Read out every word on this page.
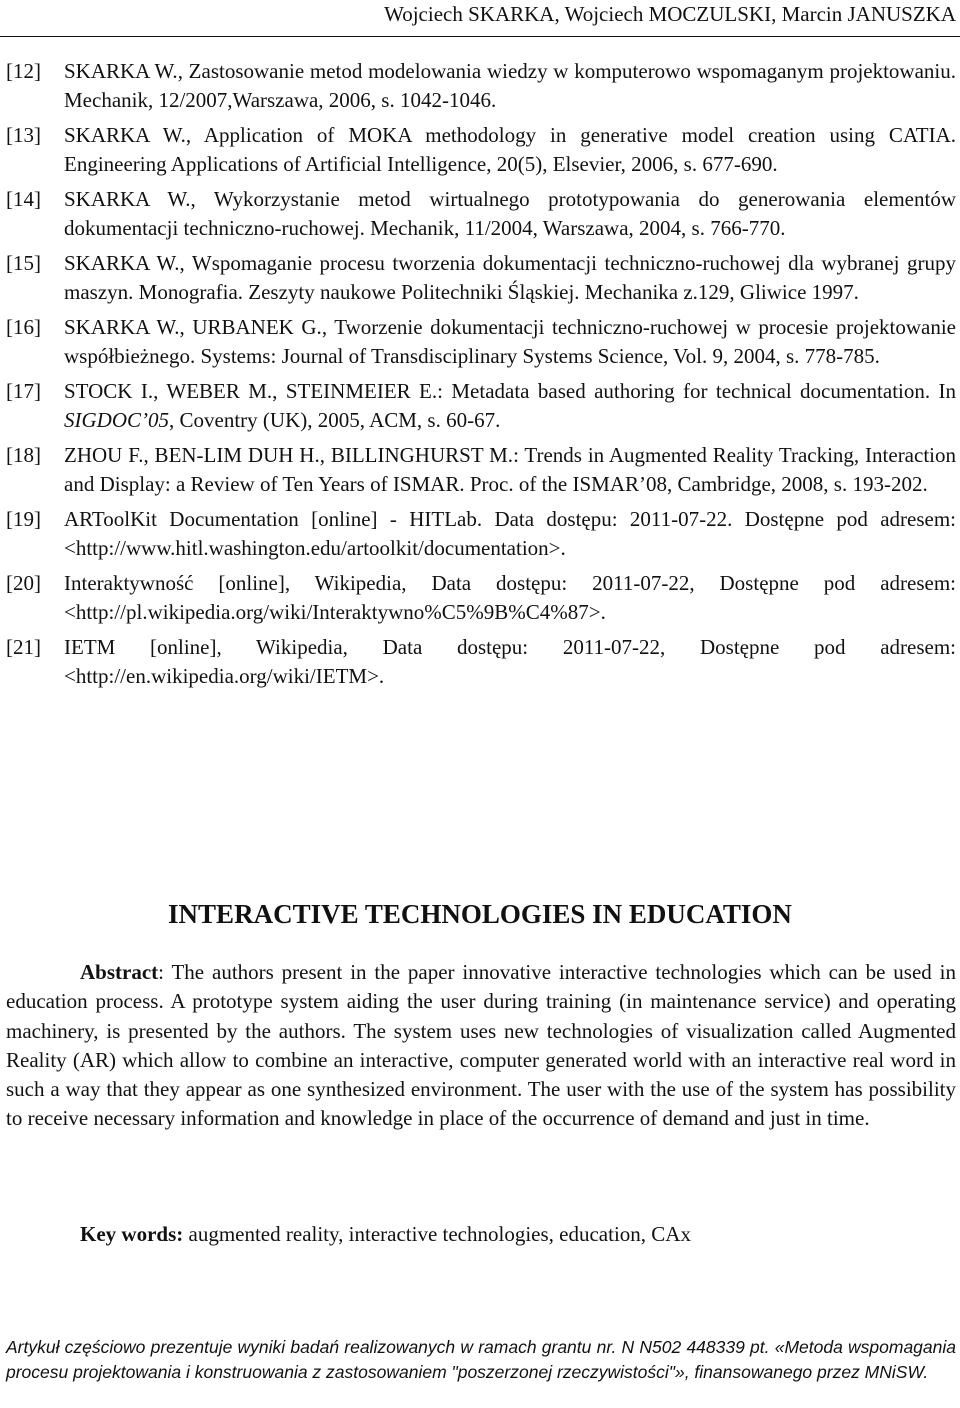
Wojciech SKARKA, Wojciech MOCZULSKI, Marcin JANUSZKA
[12] SKARKA W., Zastosowanie metod modelowania wiedzy w komputerowo wspomaganym projektowaniu. Mechanik, 12/2007,Warszawa, 2006, s. 1042-1046.
[13] SKARKA W., Application of MOKA methodology in generative model creation using CATIA. Engineering Applications of Artificial Intelligence, 20(5), Elsevier, 2006, s. 677-690.
[14] SKARKA W., Wykorzystanie metod wirtualnego prototypowania do generowania elementów dokumentacji techniczno-ruchowej. Mechanik, 11/2004, Warszawa, 2004, s. 766-770.
[15] SKARKA W., Wspomaganie procesu tworzenia dokumentacji techniczno-ruchowej dla wybranej grupy maszyn. Monografia. Zeszyty naukowe Politechniki Śląskiej. Mechanika z.129, Gliwice 1997.
[16] SKARKA W., URBANEK G., Tworzenie dokumentacji techniczno-ruchowej w procesie projektowanie współbieżnego. Systems: Journal of Transdisciplinary Systems Science, Vol. 9, 2004, s. 778-785.
[17] STOCK I., WEBER M., STEINMEIER E.: Metadata based authoring for technical documentation. In SIGDOC’05, Coventry (UK), 2005, ACM, s. 60-67.
[18] ZHOU F., BEN-LIM DUH H., BILLINGHURST M.: Trends in Augmented Reality Tracking, Interaction and Display: a Review of Ten Years of ISMAR. Proc. of the ISMAR’08, Cambridge, 2008, s. 193-202.
[19] ARToolKit Documentation [online] - HITLab. Data dostępu: 2011-07-22. Dostępne pod adresem: <http://www.hitl.washington.edu/artoolkit/documentation>.
[20] Interaktywność [online], Wikipedia, Data dostępu: 2011-07-22, Dostępne pod adresem: <http://pl.wikipedia.org/wiki/Interaktywno%C5%9B%C4%87>.
[21] IETM [online], Wikipedia, Data dostępu: 2011-07-22, Dostępne pod adresem: <http://en.wikipedia.org/wiki/IETM>.
INTERACTIVE TECHNOLOGIES IN EDUCATION

Abstract: The authors present in the paper innovative interactive technologies which can be used in education process. A prototype system aiding the user during training (in maintenance service) and operating machinery, is presented by the authors. The system uses new technologies of visualization called Augmented Reality (AR) which allow to combine an interactive, computer generated world with an interactive real word in such a way that they appear as one synthesized environment. The user with the use of the system has possibility to receive necessary information and knowledge in place of the occurrence of demand and just in time.

Key words: augmented reality, interactive technologies, education, CAx

Artykuł częściowo prezentuje wyniki badań realizowanych w ramach grantu nr. N N502 448339 pt. «Metoda wspomagania procesu projektowania i konstruowania z zastosowaniem "poszerzonej rzeczywistości"», finansowanego przez MNiSW.
